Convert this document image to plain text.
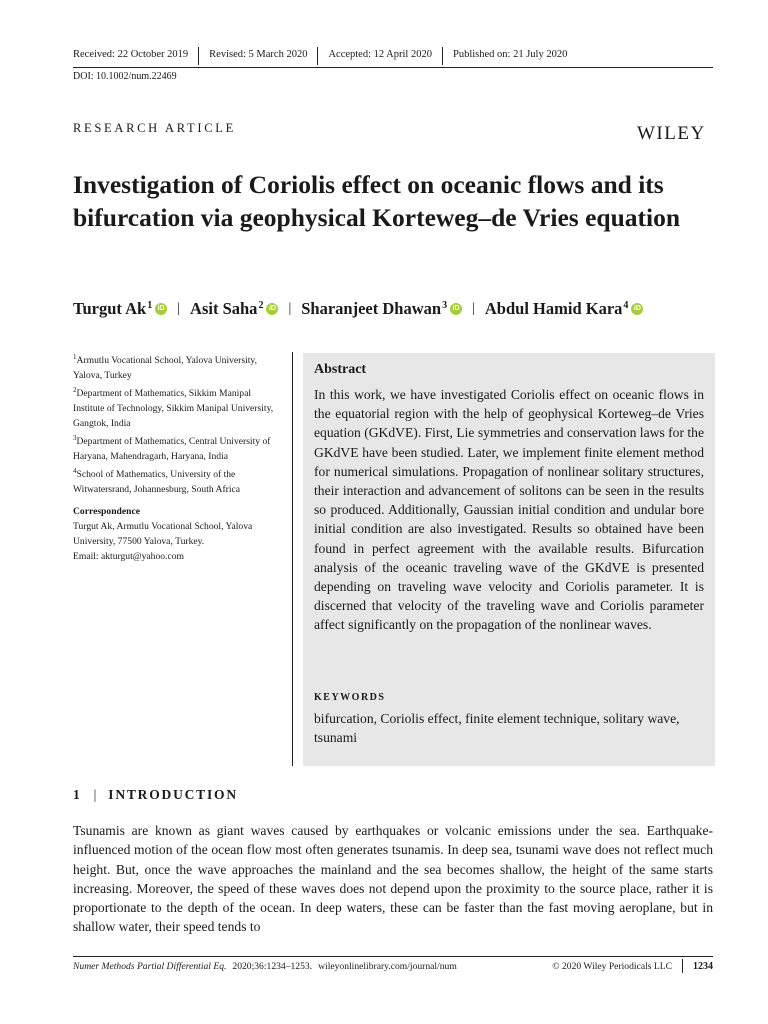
Received: 22 October 2019 Revised: 5 March 2020 Accepted: 12 April 2020 Published on: 21 July 2020
DOI: 10.1002/num.22469
RESEARCH ARTICLE	WILEY
Investigation of Coriolis effect on oceanic flows and its bifurcation via geophysical Korteweg–de Vries equation
Turgut Ak$^1$ iD | Asit Saha$^2$ iD | Sharanjeet Dhawan$^3$ iD | Abdul Hamid Kara$^4$ iD

$^1$Armutlu Vocational School, Yalova University, Yalova, Turkey

$^2$Department of Mathematics, Sikkim Manipal Institute of Technology, Sikkim Manipal University, Gangtok, India

$^3$Department of Mathematics, Central University of Haryana, Mahendragarh, Haryana, India

$^4$School of Mathematics, University of the Witwatersrand, Johannesburg, South Africa

Correspondence

Turgut Ak, Armutlu Vocational School, Yalova University, 77500 Yalova, Turkey.

Email: akturgut@yahoo.com

Abstract

In this work, we have investigated Coriolis effect on oceanic flows in the equatorial region with the help of geophysical Korteweg–de Vries equation (GKdVE). First, Lie symmetries and conservation laws for the GKdVE have been studied. Later, we implement finite element method for numerical simulations. Propagation of nonlinear solitary structures, their interaction and advancement of solitons can be seen in the results so produced. Additionally, Gaussian initial condition and undular bore initial condition are also investigated. Results so obtained have been found in perfect agreement with the available results. Bifurcation analysis of the oceanic traveling wave of the GKdVE is presented depending on traveling wave velocity and Coriolis parameter. It is discerned that velocity of the traveling wave and Coriolis parameter affect significantly on the propagation of the nonlinear waves.

KEYWORDS

bifurcation, Coriolis effect, finite element technique, solitary wave, tsunami

1 | INTRODUCTION

Tsunamis are known as giant waves caused by earthquakes or volcanic emissions under the sea. Earthquake-influenced motion of the ocean flow most often generates tsunamis. In deep sea, tsunami wave does not reflect much height. But, once the wave approaches the mainland and the sea becomes shallow, the height of the same starts increasing. Moreover, the speed of these waves does not depend upon the proximity to the source place, rather it is proportionate to the depth of the ocean. In deep waters, these can be faster than the fast moving aeroplane, but in shallow water, their speed tends to

Numer Methods Partial Differential Eq. 2020;36:1234–1253. wileyonlinelibrary.com/journal/num	© 2020 Wiley Periodicals LLC 1234
